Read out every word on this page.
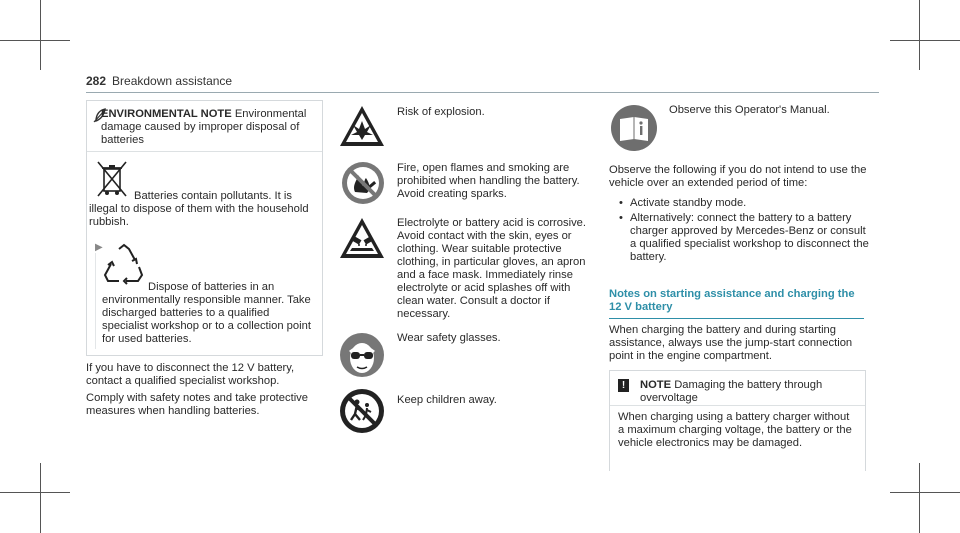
282 Breakdown assistance
ENVIRONMENTAL NOTE Environmental damage caused by improper disposal of batteries
Batteries contain pollutants. It is illegal to dispose of them with the household rubbish.
▶
Dispose of batteries in an environmentally responsible manner. Take discharged batteries to a qualified specialist workshop or to a collection point for used batteries.
If you have to disconnect the 12 V battery, contact a qualified specialist workshop.
Comply with safety notes and take protective measures when handling batteries.
Risk of explosion.
Fire, open flames and smoking are prohibited when handling the battery. Avoid creating sparks.
Electrolyte or battery acid is corrosive. Avoid contact with the skin, eyes or clothing. Wear suitable protective clothing, in particular gloves, an apron and a face mask. Immediately rinse electrolyte or acid splashes off with clean water. Consult a doctor if necessary.
Wear safety glasses.
Keep children away.
Observe this Operator's Manual.
Observe the following if you do not intend to use the vehicle over an extended period of time:
• Activate standby mode.
• Alternatively: connect the battery to a battery charger approved by Mercedes-Benz or consult a qualified specialist workshop to disconnect the battery.
Notes on starting assistance and charging the 12 V battery
When charging the battery and during starting assistance, always use the jump-start connection point in the engine compartment.
!	NOTE Damaging the battery through overvoltage
When charging using a battery charger without a maximum charging voltage, the battery or the vehicle electronics may be damaged.
